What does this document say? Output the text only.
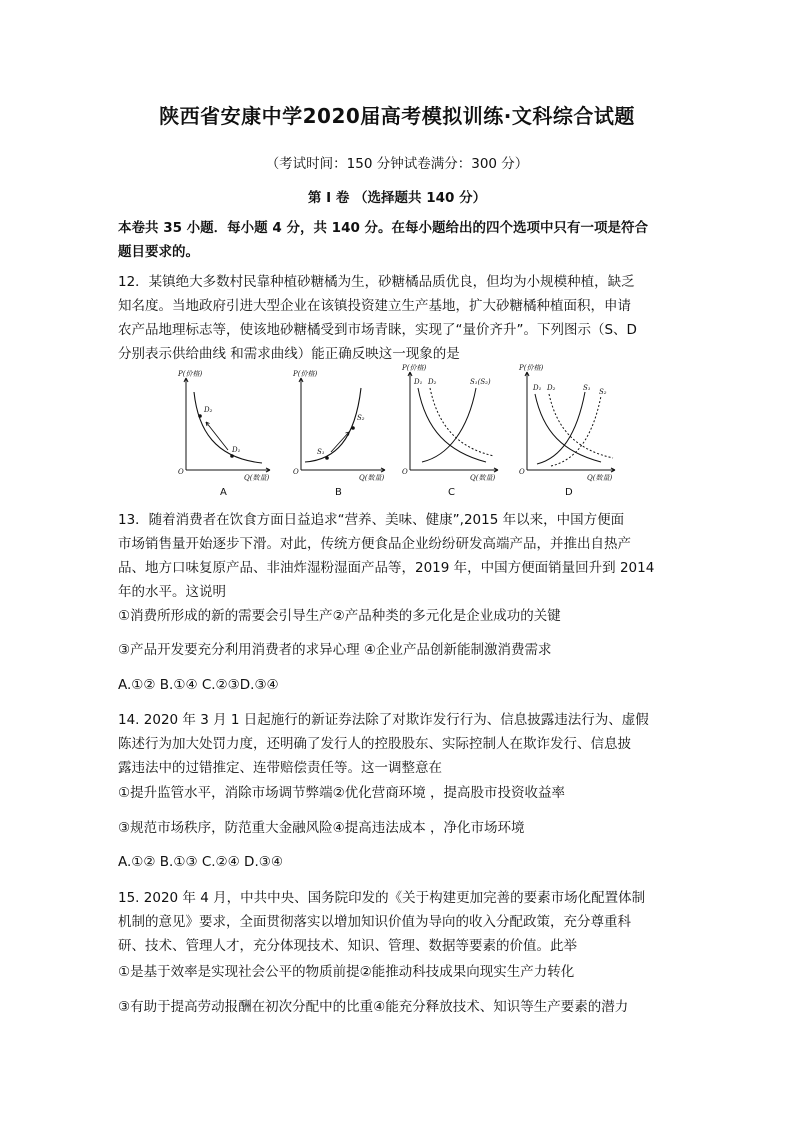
陕西省安康中学2020届高考模拟训练·文科综合试题
（考试时间：150 分钟试卷满分：300 分）
第 I 卷 （选择题共 140 分）
本卷共 35 小题．每小题 4 分，共 140 分。在每小题给出的四个选项中只有一项是符合
题目要求的。
12．某镇绝大多数村民靠种植砂糖橘为生，砂糖橘品质优良，但均为小规模种植，缺乏
知名度。当地政府引进大型企业在该镇投资建立生产基地，扩大砂糖橘种植面积，申请
农产品地理标志等，使该地砂糖橘受到市场青睐，实现了“量价齐升”。下列图示（S、D
分别表示供给曲线 和需求曲线）能正确反映这一现象的是
P(价格)
Q(数量)
O
D₂
D₁
A
P(价格)
Q(数量)
O
S₂
S₁
B
P(价格)
Q(数量)
O
D₁ D₂	S₁(S₂)
C
P(价格)
Q(数量)
O
D₁ D₂	S₁ S₂
D
13．随着消费者在饮食方面日益追求“营养、美味、健康”,2015 年以来，中国方便面
市场销售量开始逐步下滑。对此，传统方便食品企业纷纷研发高端产品，并推出自热产
品、地方口味复原产品、非油炸湿粉湿面产品等，2019 年，中国方便面销量回升到 2014
年的水平。这说明
①消费所形成的新的需要会引导生产②产品种类的多元化是企业成功的关键
③产品开发要充分利用消费者的求异心理 ④企业产品创新能制激消费需求
A.①② B.①④ C.②③D.③④
14. 2020 年 3 月 1 日起施行的新证券法除了对欺诈发行行为、信息披露违法行为、虚假
陈述行为加大处罚力度，还明确了发行人的控股股东、实际控制人在欺诈发行、信息披
露违法中的过错推定、连带赔偿责任等。这一调整意在
①提升监管水平，消除市场调节弊端②优化营商环境 ，提高股市投资收益率
③规范市场秩序，防范重大金融风险④提高违法成本 ，净化市场环境
A.①② B.①③ C.②④ D.③④
15. 2020 年 4 月，中共中央、国务院印发的《关于构建更加完善的要素市场化配置体制
机制的意见》要求，全面贯彻落实以增加知识价值为导向的收入分配政策，充分尊重科
研、技术、管理人才，充分体现技术、知识、管理、数据等要素的价值。此举
①是基于效率是实现社会公平的物质前提②能推动科技成果向现实生产力转化
③有助于提高劳动报酬在初次分配中的比重④能充分释放技术、知识等生产要素的潜力
